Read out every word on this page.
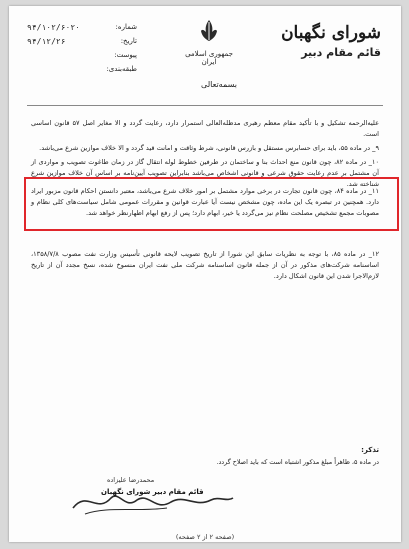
شماره:
۹۴/۱۰۲/۶۰۲۰
تاریخ:
۹۴/۱۲/۲۶
پیوست:
طبقه‌بندی:
جمهوری اسلامی ایران
بسمه‌تعالی
شورای نگهبان
قائم مقام دبیر

علیه‌الرحمه تشکیل و با تأکید مقام معظم رهبری مدظله‌العالی استمرار دارد، رعایت گردد و الا مغایر اصل ۵۷ قانون اساسی است.

۹_ در ماده ۵۵، باید برای حسابرس مستقل و بازرس قانونی، شرط وثاقت و امانت قید گردد و الا خلاف موازین شرع می‌باشد.

۱۰_ در ماده ۸۲، چون قانون منع احداث بنا و ساختمان در طرفین خطوط لوله انتقال گاز در زمان طاغوت تصویب و مواردی از آن مشتمل بر عدم رعایت حقوق شرعی و قانونی اشخاص می‌باشد بنابراین تصویب آیین‌نامه بر اساس آن خلاف موازین شرع شناخته شد.

۱۱_ در ماده ۸۴، چون قانون تجارت در برخی موارد مشتمل بر امور خلاف شرع می‌باشد، معتبر دانستن احکام قانون مزبور ایراد دارد. همچنین در تبصره یک این ماده، چون مشخص نیست آیا عبارت قوانین و مقررات عمومی شامل سیاست‌های کلی نظام و مصوبات مجمع تشخیص مصلحت نظام نیز می‌گردد یا خیر، ابهام دارد؛ پس از رفع ابهام اظهارنظر خواهد شد.

۱۲_ در ماده ۸۵، با توجه به نظریات سابق این شورا از تاریخ تصویب لایحه قانونی تأسیس وزارت نفت مصوب ۱۳۵۸/۷/۸، اساسنامه شرکت‌های مذکور در آن از جمله قانون اساسنامه شرکت ملی نفت ایران منسوخ شده، نسخ مجدد آن از تاریخ لازم‌الاجرا شدن این قانون اشکال دارد.

تذکر:
در ماده ۵، ظاهراً مبلغ مذکور اشتباه است که باید اصلاح گردد.
محمدرضا علیزاده
قائم مقام دبیر شورای نگهبان
(صفحه ۲ از ۲ صفحه)
